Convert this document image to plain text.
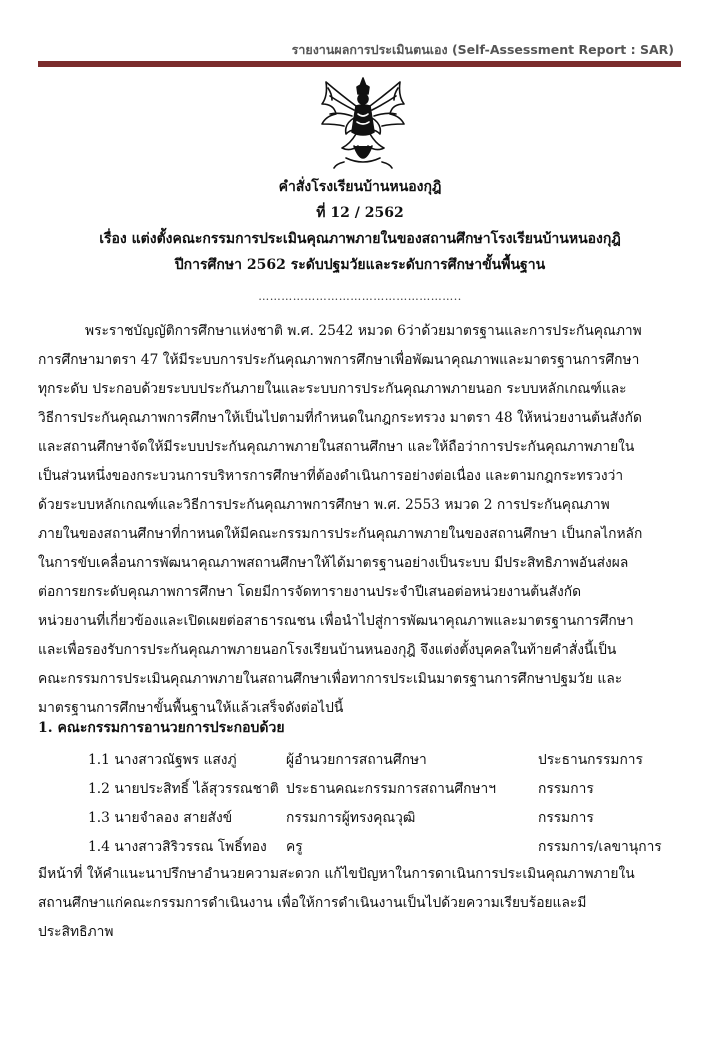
รายงานผลการประเมินตนเอง (Self-Assessment Report : SAR)
คำสั่งโรงเรียนบ้านหนองกุฎิ
ที่ 12 / 2562
เรื่อง แต่งตั้งคณะกรรมการประเมินคุณภาพภายในของสถานศึกษาโรงเรียนบ้านหนองกุฎิ
ปีการศึกษา 2562 ระดับปฐมวัยและระดับการศึกษาขั้นพื้นฐาน
……………………………………………..
พระราชบัญญัติการศึกษาแห่งชาติ พ.ศ. 2542 หมวด 6ว่าด้วยมาตรฐานและการประกันคุณภาพ
การศึกษามาตรา 47 ให้มีระบบการประกันคุณภาพการศึกษาเพื่อพัฒนาคุณภาพและมาตรฐานการศึกษา
ทุกระดับ ประกอบด้วยระบบประกันภายในและระบบการประกันคุณภาพภายนอก ระบบหลักเกณฑ์และ
วิธีการประกันคุณภาพการศึกษาให้เป็นไปตามที่กำหนดในกฎกระทรวง มาตรา 48 ให้หน่วยงานต้นสังกัด
และสถานศึกษาจัดให้มีระบบประกันคุณภาพภายในสถานศึกษา และให้ถือว่าการประกันคุณภาพภายใน
เป็นส่วนหนึ่งของกระบวนการบริหารการศึกษาที่ต้องดำเนินการอย่างต่อเนื่อง และตามกฎกระทรวงว่า
ด้วยระบบหลักเกณฑ์และวิธีการประกันคุณภาพการศึกษา พ.ศ. 2553 หมวด 2 การประกันคุณภาพ
ภายในของสถานศึกษาที่กาหนดให้มีคณะกรรมการประกันคุณภาพภายในของสถานศึกษา เป็นกลไกหลัก
ในการขับเคลื่อนการพัฒนาคุณภาพสถานศึกษาให้ได้มาตรฐานอย่างเป็นระบบ มีประสิทธิภาพอันส่งผล
ต่อการยกระดับคุณภาพการศึกษา โดยมีการจัดทารายงานประจำปีเสนอต่อหน่วยงานต้นสังกัด
หน่วยงานที่เกี่ยวข้องและเปิดเผยต่อสาธารณชน เพื่อนำไปสู่การพัฒนาคุณภาพและมาตรฐานการศึกษา
และเพื่อรองรับการประกันคุณภาพภายนอกโรงเรียนบ้านหนองกุฎิ จึงแต่งตั้งบุคคลในท้ายคำสั่งนี้เป็น
คณะกรรมการประเมินคุณภาพภายในสถานศึกษาเพื่อทาการประเมินมาตรฐานการศึกษาปฐมวัย และ
มาตรฐานการศึกษาขั้นพื้นฐานให้แล้วเสร็จดังต่อไปนี้
1. คณะกรรมการอานวยการประกอบด้วย
1.1 นางสาวณัฐพร แสงภู่	ผู้อำนวยการสถานศึกษา	ประธานกรรมการ
1.2 นายประสิทธิ์ ไล้สุวรรณชาติ ประธานคณะกรรมการสถานศึกษาฯ	กรรมการ
1.3 นายจำลอง สายสังข์	กรรมการผู้ทรงคุณวุฒิ	กรรมการ
1.4 นางสาวสิริวรรณ โพธิ์ทอง ครู	กรรมการ/เลขานุการ
มีหน้าที่ ให้คำแนะนาปรึกษาอำนวยความสะดวก แก้ไขปัญหาในการดาเนินการประเมินคุณภาพภายใน
สถานศึกษาแก่คณะกรรมการดำเนินงาน เพื่อให้การดำเนินงานเป็นไปด้วยความเรียบร้อยและมี
ประสิทธิภาพ
